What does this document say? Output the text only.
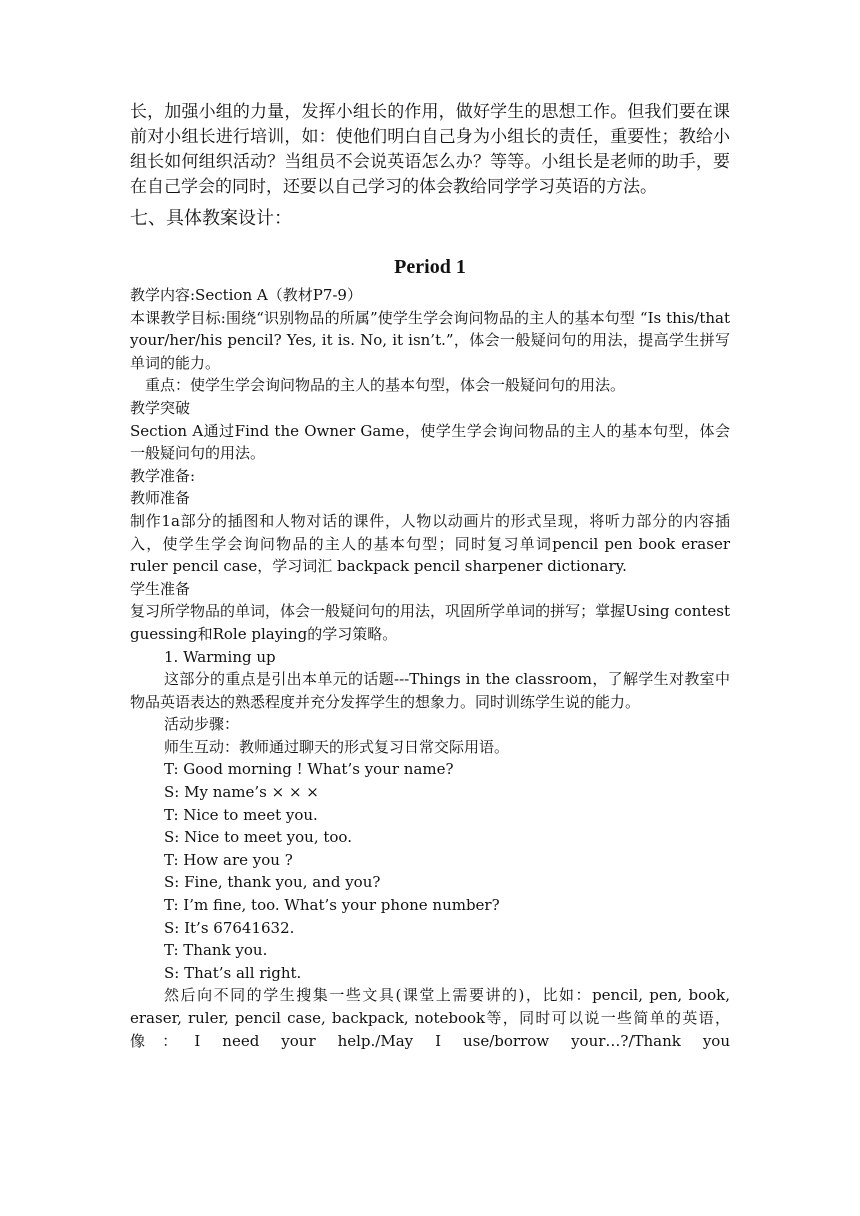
长，加强小组的力量，发挥小组长的作用，做好学生的思想工作。但我们要在课前对小组长进行培训，如：使他们明白自己身为小组长的责任，重要性；教给小组长如何组织活动？当组员不会说英语怎么办？等等。小组长是老师的助手，要在自己学会的同时，还要以自己学习的体会教给同学学习英语的方法。

七、具体教案设计：

Period 1

教学内容:Section A（教材P7-9）

本课教学目标:围绕“识别物品的所属”使学生学会询问物品的主人的基本句型 “Is this/that your/her/his pencil? Yes, it is. No, it isn’t.”，体会一般疑问句的用法，提高学生拼写单词的能力。

重点：使学生学会询问物品的主人的基本句型，体会一般疑问句的用法。

教学突破

Section A通过Find the Owner Game，使学生学会询问物品的主人的基本句型，体会一般疑问句的用法。

教学准备:

教师准备

制作1a部分的插图和人物对话的课件，人物以动画片的形式呈现，将听力部分的内容插入，使学生学会询问物品的主人的基本句型；同时复习单词pencil pen book eraser ruler pencil case，学习词汇 backpack pencil sharpener dictionary.

学生准备

复习所学物品的单词，体会一般疑问句的用法，巩固所学单词的拼写；掌握Using contest guessing和Role playing的学习策略。

1. Warming up

这部分的重点是引出本单元的话题---Things in the classroom，了解学生对教室中物品英语表达的熟悉程度并充分发挥学生的想象力。同时训练学生说的能力。

活动步骤：

师生互动：教师通过聊天的形式复习日常交际用语。

T: Good morning ! What’s your name?

S: My name’s × × ×

T: Nice to meet you.

S: Nice to meet you, too.

T: How are you ?

S: Fine, thank you, and you?

T: I’m fine, too. What’s your phone number?

S: It’s 67641632.

T: Thank you.

S: That’s all right.

然后向不同的学生搜集一些文具(课堂上需要讲的)，比如：pencil, pen, book, eraser, ruler, pencil case, backpack, notebook等，同时可以说一些简单的英语，像：I need your help./May I use/borrow your…?/Thank you
